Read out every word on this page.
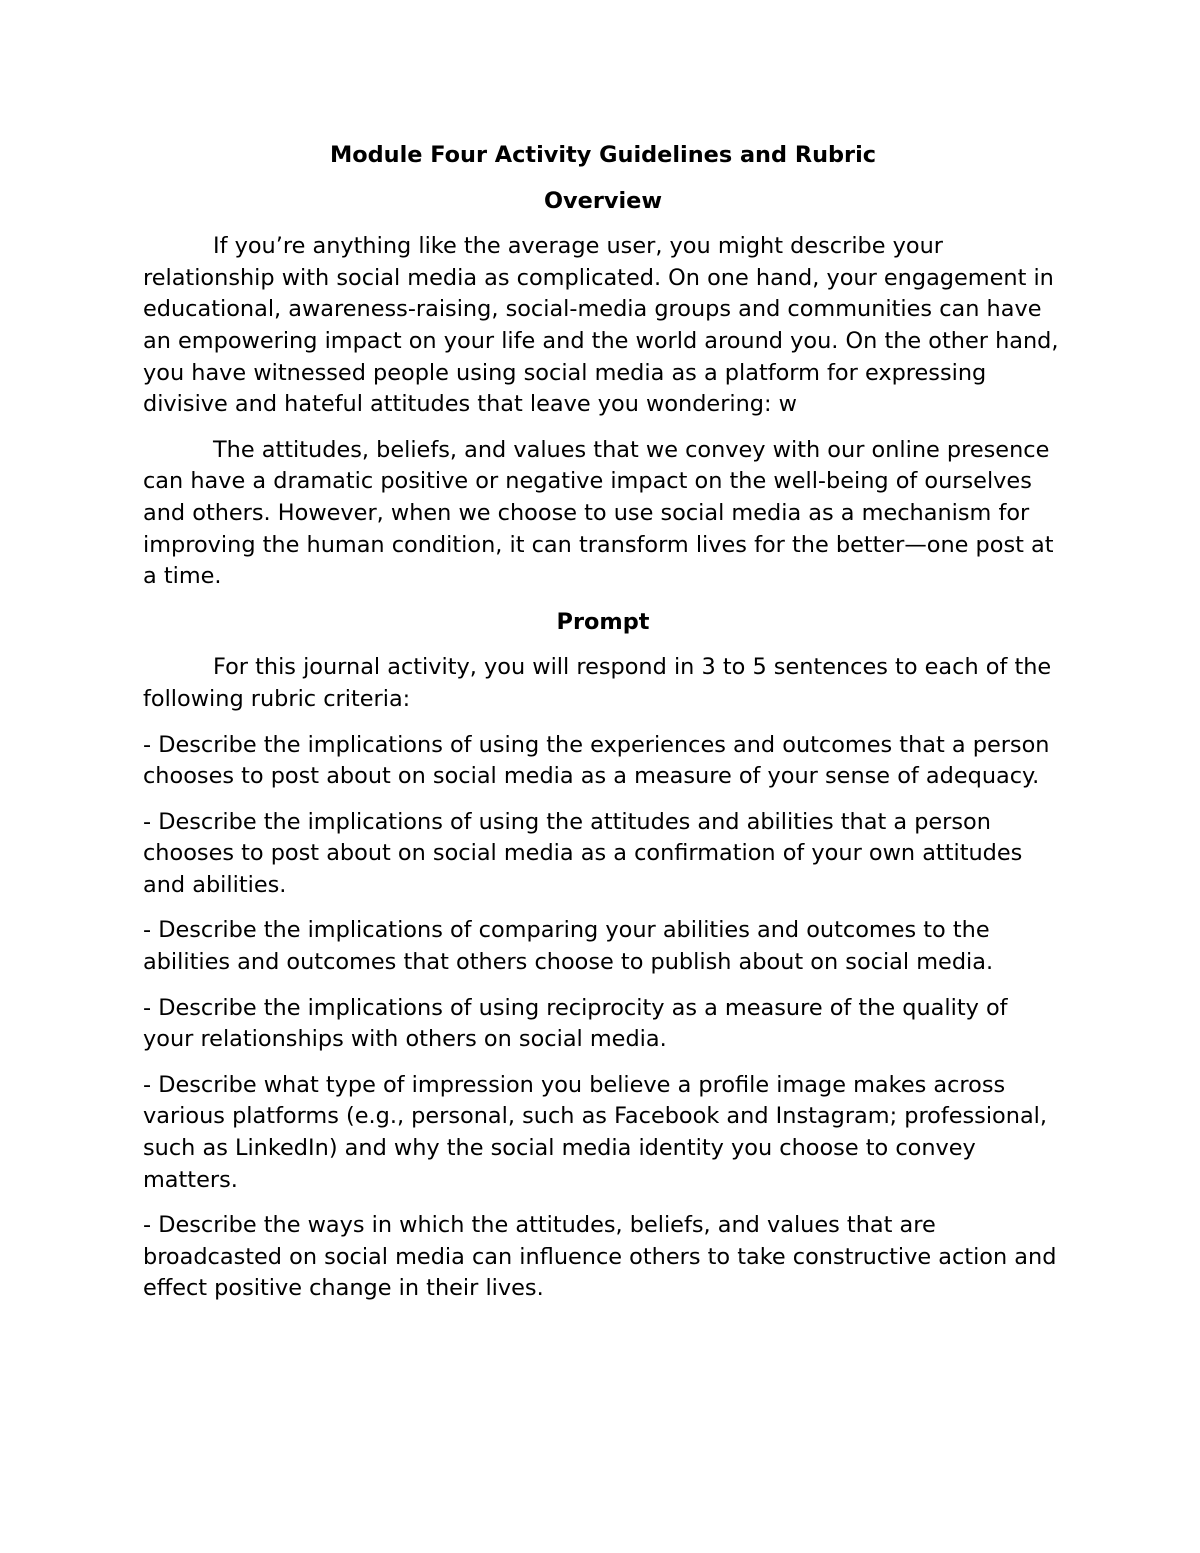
Module Four Activity Guidelines and Rubric
Overview

If you’re anything like the average user, you might describe your relationship with social media as complicated. On one hand, your engagement in educational, awareness-raising, social-media groups and communities can have an empowering impact on your life and the world around you. On the other hand, you have witnessed people using social media as a platform for expressing divisive and hateful attitudes that leave you wondering: w

The attitudes, beliefs, and values that we convey with our online presence can have a dramatic positive or negative impact on the well-being of ourselves and others. However, when we choose to use social media as a mechanism for improving the human condition, it can transform lives for the better—one post at a time.

Prompt

For this journal activity, you will respond in 3 to 5 sentences to each of the following rubric criteria:

- Describe the implications of using the experiences and outcomes that a person chooses to post about on social media as a measure of your sense of adequacy.

- Describe the implications of using the attitudes and abilities that a person chooses to post about on social media as a confirmation of your own attitudes and abilities.

- Describe the implications of comparing your abilities and outcomes to the abilities and outcomes that others choose to publish about on social media.

- Describe the implications of using reciprocity as a measure of the quality of your relationships with others on social media.

- Describe what type of impression you believe a profile image makes across various platforms (e.g., personal, such as Facebook and Instagram; professional, such as LinkedIn) and why the social media identity you choose to convey matters.

- Describe the ways in which the attitudes, beliefs, and values that are broadcasted on social media can influence others to take constructive action and effect positive change in their lives.
